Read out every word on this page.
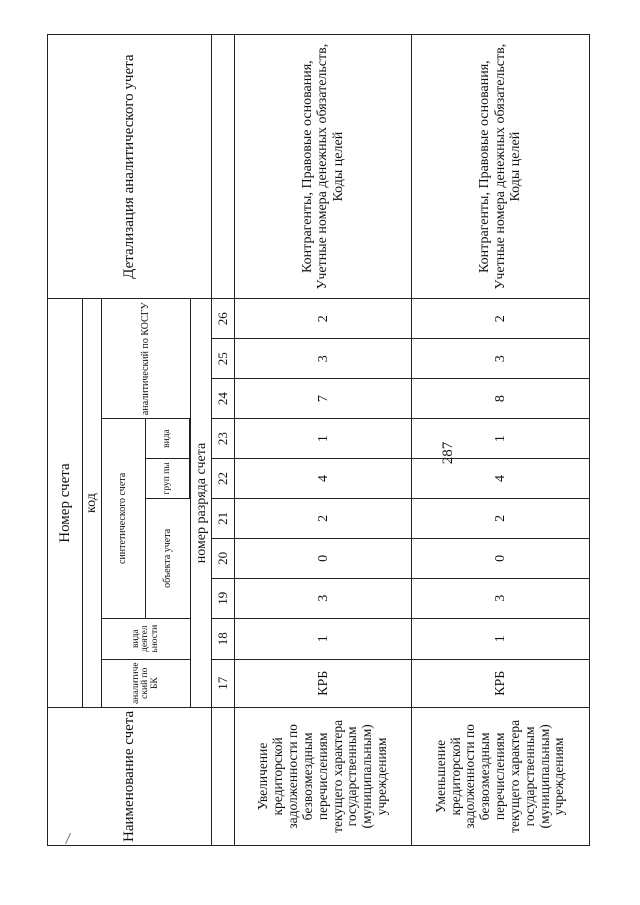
287
Наименование счета	Номер счета										Детализация аналитического учета
	код										
	аналитиче ский по БК	вида деятел ьности	синтетического счета					аналитический по КОСГУ			
			объекта учета			груп пы	вида				

	номер разряда счета										
	17	18	19	20	21	22	23	24	25	26	
Увеличение кредиторской задолженности по безвозмездным перечислениям текущего характера государственным (муниципальным) учреждениям	КРБ	1	3	0	2	4	1	7	3	2	Контрагенты, Правовые основания, Учетные номера денежных обязательств, Коды целей
Уменьшение кредиторской задолженности по безвозмездным перечислениям текущего характера государственным (муниципальным) учреждениям	КРБ	1	3	0	2	4	1	8	3	2	Контрагенты, Правовые основания, Учетные номера денежных обязательств, Коды целей
